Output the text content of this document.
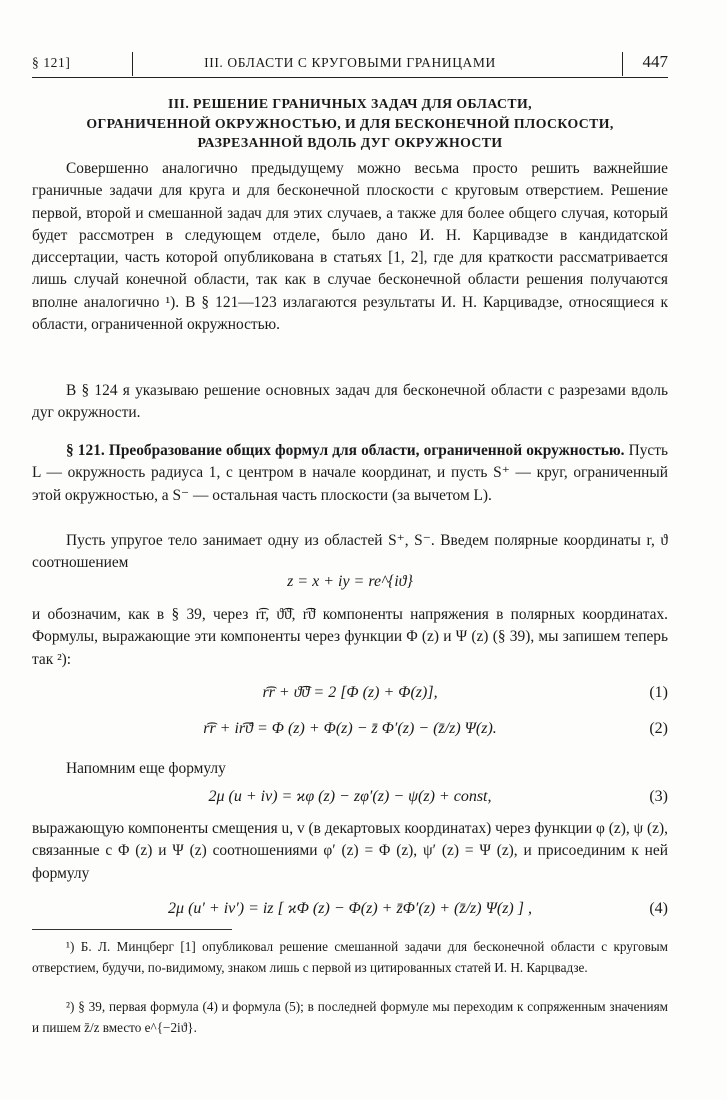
§ 121]	III. ОБЛАСТИ С КРУГОВЫМИ ГРАНИЦАМИ	447
III. РЕШЕНИЕ ГРАНИЧНЫХ ЗАДАЧ ДЛЯ ОБЛАСТИ,
ОГРАНИЧЕННОЙ ОКРУЖНОСТЬЮ, И ДЛЯ БЕСКОНЕЧНОЙ ПЛОСКОСТИ,
РАЗРЕЗАННОЙ ВДОЛЬ ДУГ ОКРУЖНОСТИ

Совершенно аналогично предыдущему можно весьма просто решить важнейшие граничные задачи для круга и для бесконечной плоскости с круговым отверстием. Решение первой, второй и смешанной задач для этих случаев, а также для более общего случая, который будет рассмотрен в следующем отделе, было дано И. Н. Карцивадзе в кандидатской диссертации, часть которой опубликована в статьях [1, 2], где для краткости рассматривается лишь случай конечной области, так как в случае бесконечной области решения получаются вполне аналогично ¹). В § 121—123 излагаются результаты И. Н. Карцивадзе, относящиеся к области, ограниченной окружностью.

В § 124 я указываю решение основных задач для бесконечной области с разрезами вдоль дуг окружности.

§ 121. Преобразование общих формул для области, ограниченной окружностью. Пусть L — окружность радиуса 1, с центром в начале координат, и пусть S⁺ — круг, ограниченный этой окружностью, а S⁻ — остальная часть плоскости (за вычетом L).

Пусть упругое тело занимает одну из областей S⁺, S⁻. Введем полярные координаты r, ϑ соотношением

z = x + iy = re^{iϑ}

и обозначим, как в § 39, через r͡r, ϑ͡ϑ, r͡ϑ компоненты напряжения в полярных координатах. Формулы, выражающие эти компоненты через функции Φ (z) и Ψ (z) (§ 39), мы запишем теперь так ²):

r͡r + ϑ͡ϑ = 2 [Φ (z) + Φ(z)],	(1)
r͡r + ir͡ϑ = Φ (z) + Φ(z) − z̄ Φ′(z) − (z̄/z) Ψ(z).	(2)

Напомним еще формулу

2μ (u + iv) = ϰφ (z) − zφ′(z) − ψ(z) + const,	(3)

выражающую компоненты смещения u, v (в декартовых координатах) через функции φ (z), ψ (z), связанные с Φ (z) и Ψ (z) соотношениями φ′ (z) = Φ (z), ψ′ (z) = Ψ (z), и присоединим к ней формулу

2μ (u′ + iv′) = iz [ ϰΦ (z) − Φ(z) + z̄Φ′(z) + (z̄/z) Ψ(z) ] ,	(4)

¹) Б. Л. Минцберг [1] опубликовал решение смешанной задачи для бесконечной области с круговым отверстием, будучи, по-видимому, знаком лишь с первой из цитированных статей И. Н. Карцвадзе.

²) § 39, первая формула (4) и формула (5); в последней формуле мы переходим к сопряженным значениям и пишем z̄/z вместо e^{−2iϑ}.
